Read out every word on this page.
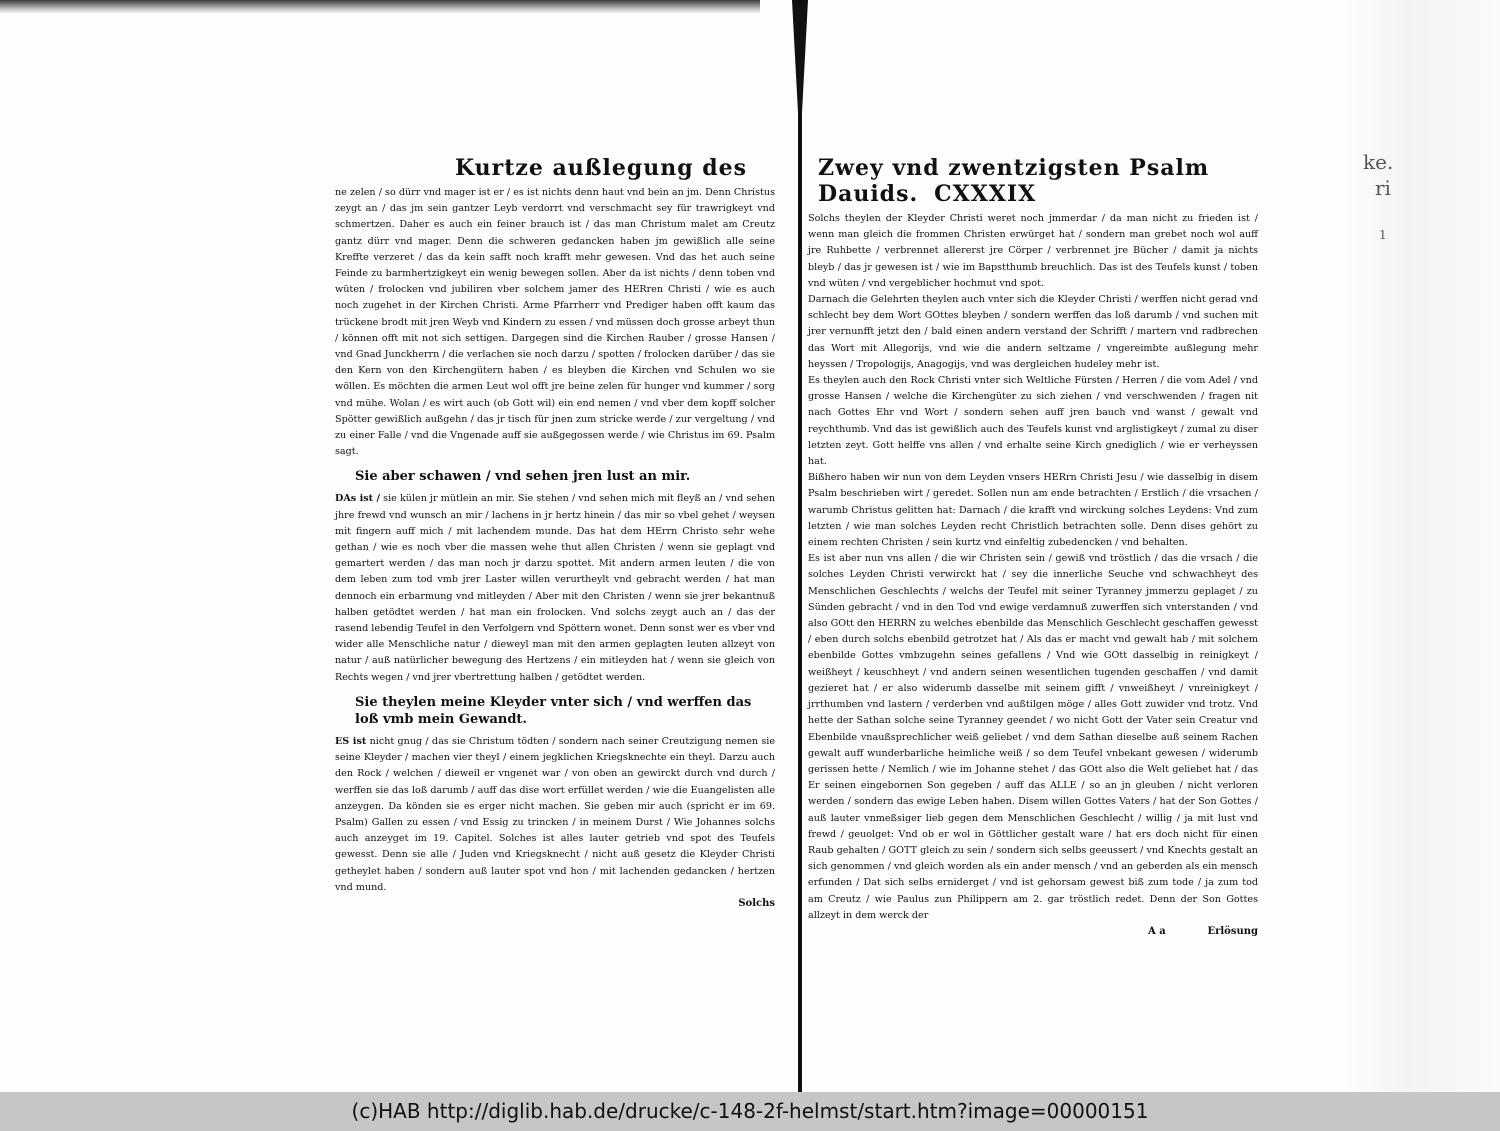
Kurtze außlegung des

ne zelen / so dürr vnd mager ist er / es ist nichts denn haut vnd bein an jm. Denn Christus zeygt an / das jm sein gantzer Leyb verdorrt vnd verschmacht sey für trawrigkeyt vnd schmertzen. Daher es auch ein feiner brauch ist / das man Christum malet am Creutz gantz dürr vnd mager. Denn die schweren gedancken haben jm gewißlich alle seine Kreffte verzeret / das da kein safft noch krafft mehr gewesen. Vnd das het auch seine Feinde zu barmhertzigkeyt ein wenig bewegen sollen. Aber da ist nichts / denn toben vnd wüten / frolocken vnd jubiliren vber solchem jamer des HERren Christi / wie es auch noch zugehet in der Kirchen Christi. Arme Pfarrherr vnd Prediger haben offt kaum das trückene brodt mit jren Weyb vnd Kindern zu essen / vnd müssen doch grosse arbeyt thun / können offt mit not sich settigen. Dargegen sind die Kirchen Rauber / grosse Hansen / vnd Gnad Junckherrn / die verlachen sie noch darzu / spotten / frolocken darüber / das sie den Kern von den Kirchengütern haben / es bleyben die Kirchen vnd Schulen wo sie wöllen. Es möchten die armen Leut wol offt jre beine zelen für hunger vnd kummer / sorg vnd mühe. Wolan / es wirt auch (ob Gott wil) ein end nemen / vnd vber dem kopff solcher Spötter gewißlich außgehn / das jr tisch für jnen zum stricke werde / zur vergeltung / vnd zu einer Falle / vnd die Vngenade auff sie außgegossen werde / wie Christus im 69. Psalm sagt.

Sie aber schawen / vnd sehen jren lust an mir.

DAs ist / sie külen jr mütlein an mir. Sie stehen / vnd sehen mich mit fleyß an / vnd sehen jhre frewd vnd wunsch an mir / lachens in jr hertz hinein / das mir so vbel gehet / weysen mit fingern auff mich / mit lachendem munde. Das hat dem HErrn Christo sehr wehe gethan / wie es noch vber die massen wehe thut allen Christen / wenn sie geplagt vnd gemartert werden / das man noch jr darzu spottet. Mit andern armen leuten / die von dem leben zum tod vmb jrer Laster willen verurtheylt vnd gebracht werden / hat man dennoch ein erbarmung vnd mitleyden / Aber mit den Christen / wenn sie jrer bekantnuß halben getödtet werden / hat man ein frolocken. Vnd solchs zeygt auch an / das der rasend lebendig Teufel in den Verfolgern vnd Spöttern wonet. Denn sonst wer es vber vnd wider alle Menschliche natur / dieweyl man mit den armen geplagten leuten allzeyt von natur / auß natürlicher bewegung des Hertzens / ein mitleyden hat / wenn sie gleich von Rechts wegen / vnd jrer vbertrettung halben / getödtet werden.

Sie theylen meine Kleyder vnter sich / vnd werffen das loß vmb mein Gewandt.

ES ist nicht gnug / das sie Christum tödten / sondern nach seiner Creutzigung nemen sie seine Kleyder / machen vier theyl / einem jegklichen Kriegsknechte ein theyl. Darzu auch den Rock / welchen / dieweil er vngenet war / von oben an gewirckt durch vnd durch / werffen sie das loß darumb / auff das dise wort erfüllet werden / wie die Euangelisten alle anzeygen. Da könden sie es erger nicht machen. Sie geben mir auch (spricht er im 69. Psalm) Gallen zu essen / vnd Essig zu trincken / in meinem Durst / Wie Johannes solchs auch anzeyget im 19. Capitel. Solches ist alles lauter getrieb vnd spot des Teufels gewesst. Denn sie alle / Juden vnd Kriegsknecht / nicht auß gesetz die Kleyder Christi getheylet haben / sondern auß lauter spot vnd hon / mit lachenden gedancken / hertzen vnd mund.

Solchs
Zwey vnd zwentzigsten Psalm Dauids. CXXXIX

Solchs theylen der Kleyder Christi weret noch jmmerdar / da man nicht zu frieden ist / wenn man gleich die frommen Christen erwürget hat / sondern man grebet noch wol auff jre Ruhbette / verbrennet allererst jre Cörper / verbrennet jre Bücher / damit ja nichts bleyb / das jr gewesen ist / wie im Bapstthumb breuchlich. Das ist des Teufels kunst / toben vnd wüten / vnd vergeblicher hochmut vnd spot.

Darnach die Gelehrten theylen auch vnter sich die Kleyder Christi / werffen nicht gerad vnd schlecht bey dem Wort GOttes bleyben / sondern werffen das loß darumb / vnd suchen mit jrer vernunfft jetzt den / bald einen andern verstand der Schrifft / martern vnd radbrechen das Wort mit Allegorijs, vnd wie die andern seltzame / vngereimbte außlegung mehr heyssen / Tropologijs, Anagogijs, vnd was dergleichen hudeley mehr ist.

Es theylen auch den Rock Christi vnter sich Weltliche Fürsten / Herren / die vom Adel / vnd grosse Hansen / welche die Kirchengüter zu sich ziehen / vnd verschwenden / fragen nit nach Gottes Ehr vnd Wort / sondern sehen auff jren bauch vnd wanst / gewalt vnd reychthumb. Vnd das ist gewißlich auch des Teufels kunst vnd arglistigkeyt / zumal zu diser letzten zeyt. Gott helffe vns allen / vnd erhalte seine Kirch gnediglich / wie er verheyssen hat.

Bißhero haben wir nun von dem Leyden vnsers HERrn Christi Jesu / wie dasselbig in disem Psalm beschrieben wirt / geredet. Sollen nun am ende betrachten / Erstlich / die vrsachen / warumb Christus gelitten hat: Darnach / die krafft vnd wirckung solches Leydens: Vnd zum letzten / wie man solches Leyden recht Christlich betrachten solle. Denn dises gehört zu einem rechten Christen / sein kurtz vnd einfeltig zubedencken / vnd behalten.

Es ist aber nun vns allen / die wir Christen sein / gewiß vnd tröstlich / das die vrsach / die solches Leyden Christi verwirckt hat / sey die innerliche Seuche vnd schwachheyt des Menschlichen Geschlechts / welchs der Teufel mit seiner Tyranney jmmerzu geplaget / zu Sünden gebracht / vnd in den Tod vnd ewige verdamnuß zuwerffen sich vnterstanden / vnd also GOtt den HERRN zu welches ebenbilde das Menschlich Geschlecht geschaffen gewesst / eben durch solchs ebenbild getrotzet hat / Als das er macht vnd gewalt hab / mit solchem ebenbilde Gottes vmbzugehn seines gefallens / Vnd wie GOtt dasselbig in reinigkeyt / weißheyt / keuschheyt / vnd andern seinen wesentlichen tugenden geschaffen / vnd damit gezieret hat / er also widerumb dasselbe mit seinem gifft / vnweißheyt / vnreinigkeyt / jrrthumben vnd lastern / verderben vnd außtilgen möge / alles Gott zuwider vnd trotz. Vnd hette der Sathan solche seine Tyranney geendet / wo nicht Gott der Vater sein Creatur vnd Ebenbilde vnaußsprechlicher weiß geliebet / vnd dem Sathan dieselbe auß seinem Rachen gewalt auff wunderbarliche heimliche weiß / so dem Teufel vnbekant gewesen / widerumb gerissen hette / Nemlich / wie im Johanne stehet / das GOtt also die Welt geliebet hat / das Er seinen eingebornen Son gegeben / auff das ALLE / so an jn gleuben / nicht verloren werden / sondern das ewige Leben haben. Disem willen Gottes Vaters / hat der Son Gottes / auß lauter vnmeßsiger lieb gegen dem Menschlichen Geschlecht / willig / ja mit lust vnd frewd / geuolget: Vnd ob er wol in Göttlicher gestalt ware / hat ers doch nicht für einen Raub gehalten / GOTT gleich zu sein / sondern sich selbs geeussert / vnd Knechts gestalt an sich genommen / vnd gleich worden als ein ander mensch / vnd an geberden als ein mensch erfunden / Dat sich selbs erniderget / vnd ist gehorsam gewest biß zum tode / ja zum tod am Creutz / wie Paulus zun Philippern am 2. gar tröstlich redet. Denn der Son Gottes allzeyt in dem werck der

A a	Erlösung
ke.
ri
1
(c)HAB http://diglib.hab.de/drucke/c-148-2f-helmst/start.htm?image=00000151
